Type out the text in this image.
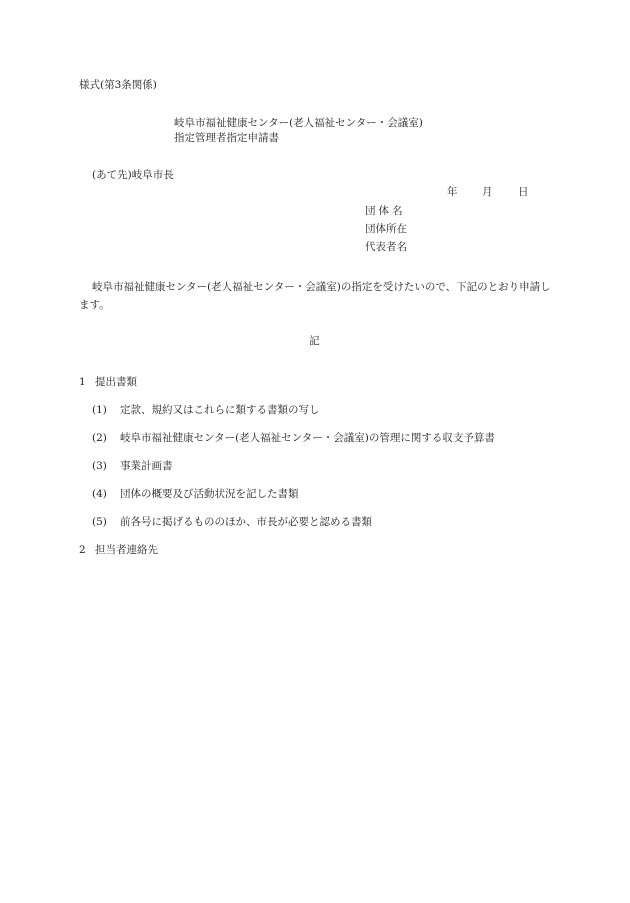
様式(第3条関係)
岐阜市福祉健康センター(老人福祉センター・会議室)
指定管理者指定申請書
(あて先)岐阜市長
年 月 日
団体名
団体所在
代表者名
岐阜市福祉健康センター(老人福祉センター・会議室)の指定を受けたいので、下記のとおり申請します。
記
1 提出書類
(1) 定款、規約又はこれらに類する書類の写し
(2) 岐阜市福祉健康センター(老人福祉センター・会議室)の管理に関する収支予算書
(3) 事業計画書
(4) 団体の概要及び活動状況を記した書類
(5) 前各号に掲げるもののほか、市長が必要と認める書類
2 担当者連絡先
